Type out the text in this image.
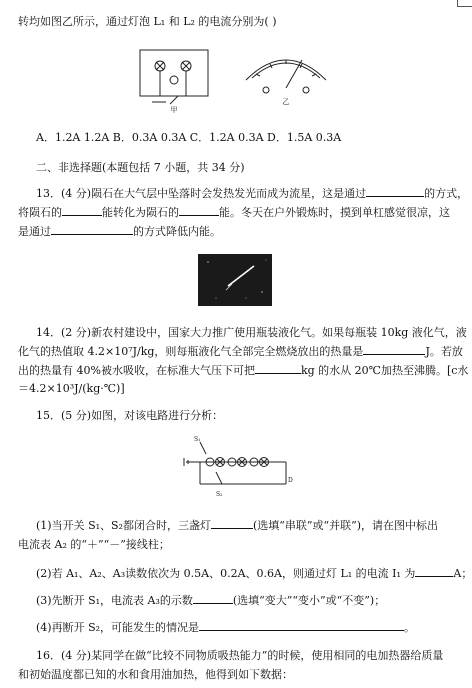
转均如图乙所示，通过灯泡 L₁ 和 L₂ 的电流分别为( )
甲
乙
A．1.2A 1.2A B．0.3A 0.3A C．1.2A 0.3A D．1.5A 0.3A
二、非选择题(本题包括 7 小题，共 34 分)
13．(4 分)陨石在大气层中坠落时会发热发光而成为流星，这是通过	的方式，
将陨石的	能转化为陨石的	能。冬天在户外锻炼时，摸到单杠感觉很凉，这
是通过	的方式降低内能。
14．(2 分)新农村建设中，国家大力推广使用瓶装液化气。如果每瓶装 10kg 液化气，液
化气的热值取 4.2×10⁷J/kg，则每瓶液化气全部完全燃烧放出的热量是	J。若放
出的热量有 40%被水吸收，在标准大气压下可把	kg 的水从 20℃加热至沸腾。[c水
＝4.2×10³J/(kg·℃)]
15．(5 分)如图，对该电路进行分析：
S₁
S₂
D
(1)当开关 S₁、S₂都闭合时，三盏灯	(选填“串联”或“并联”)，请在图中标出
电流表 A₂ 的“＋”“－”接线柱；
(2)若 A₁、A₂、A₃读数依次为 0.5A、0.2A、0.6A，则通过灯 L₁ 的电流 I₁ 为	A；
(3)先断开 S₁，电流表 A₃的示数	(选填“变大”“变小”或“不变”)；
(4)再断开 S₂，可能发生的情况是	。
16．(4 分)某同学在做“比较不同物质吸热能力”的时候，使用相同的电加热器给质量
和初始温度都已知的水和食用油加热，他得到如下数据：
